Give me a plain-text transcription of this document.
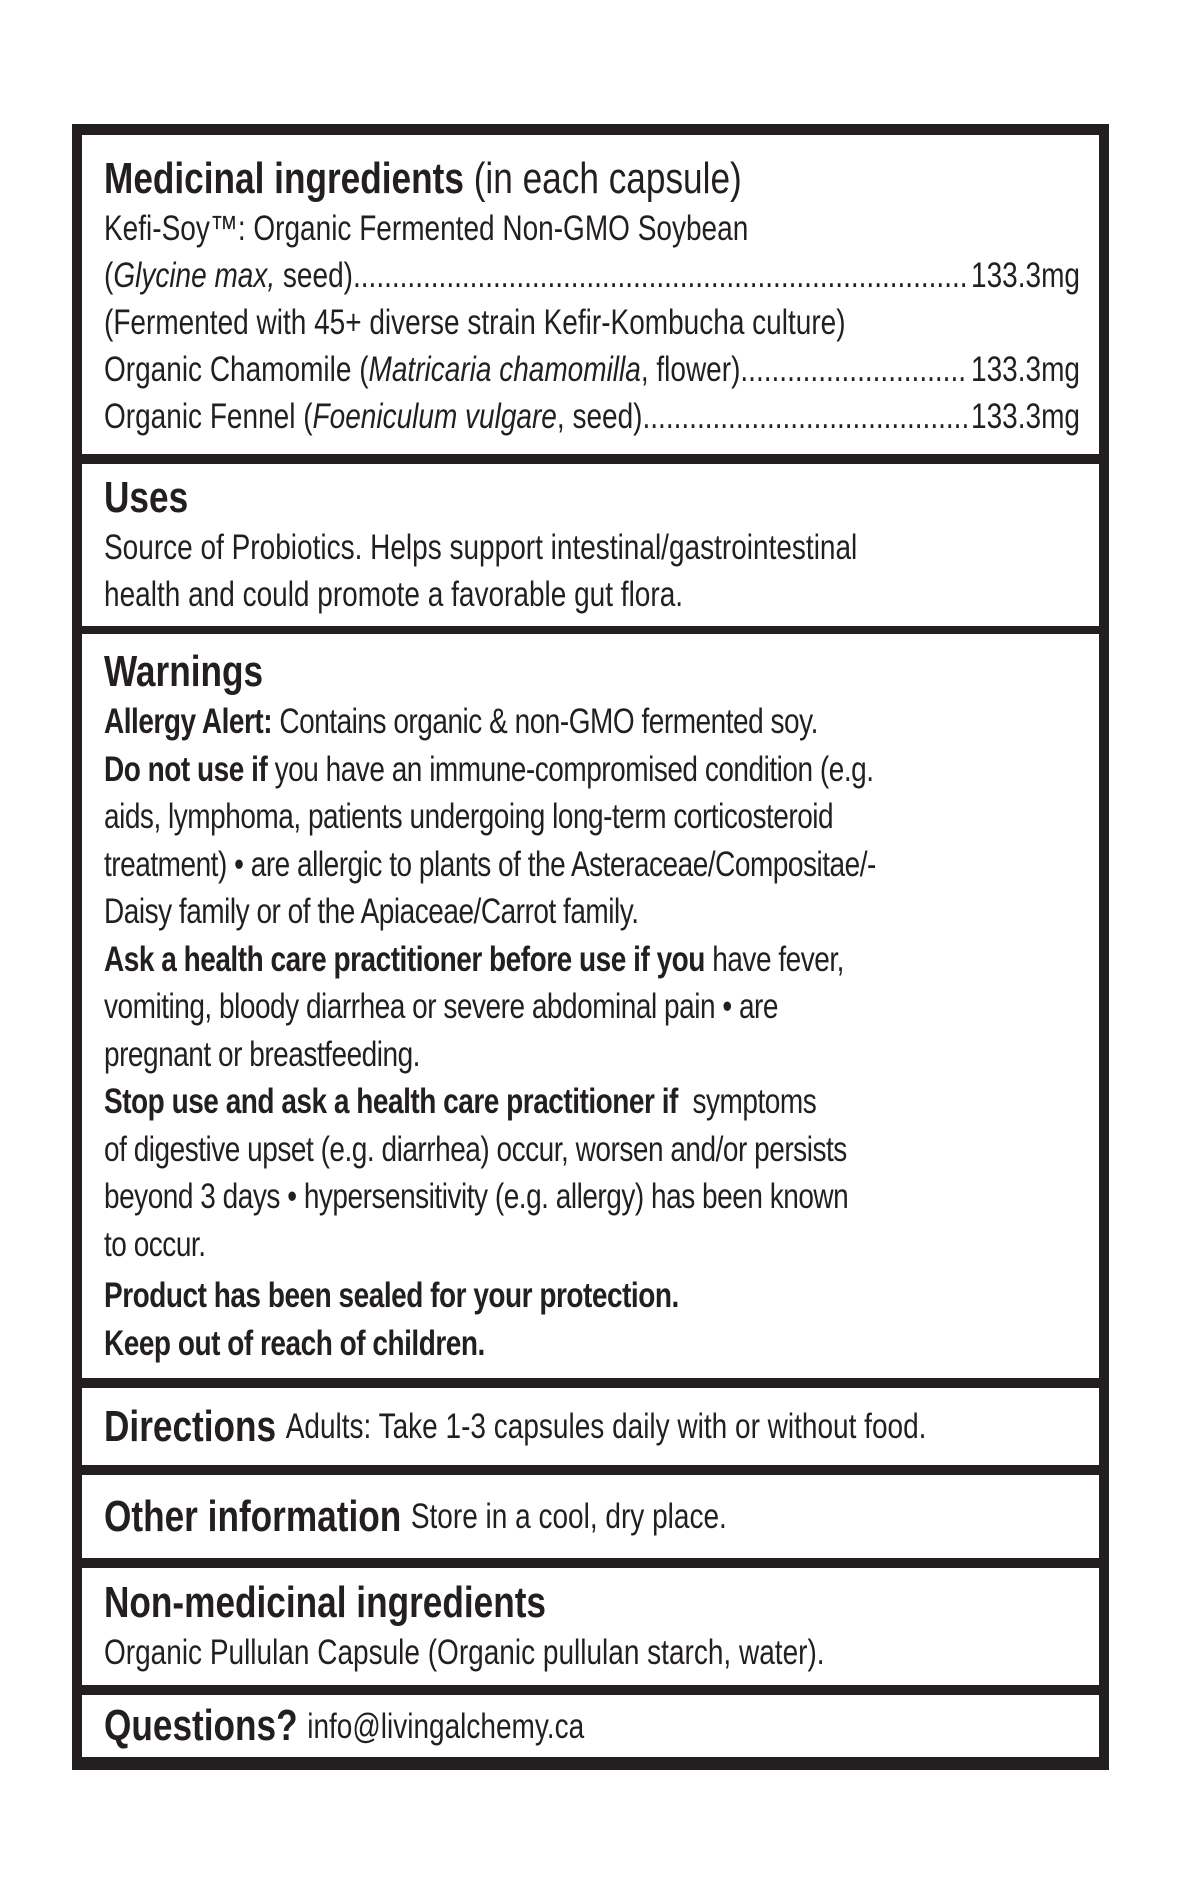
Medicinal ingredients (in each capsule)
Kefi-Soy™: Organic Fermented Non-GMO Soybean
( Glycine max, seed) .....	133.3mg
(Fermented with 45+ diverse strain Kefir-Kombucha culture)
Organic Chamomile ( Matricaria chamomilla , flower) .....	133.3mg
Organic Fennel ( Foeniculum vulgare , seed) .....	133.3mg
Uses
Source of Probiotics. Helps support intestinal/gastrointestinal
health and could promote a favorable gut flora.
Warnings
Allergy Alert: Contains organic & non-GMO fermented soy.
Do not use if you have an immune-compromised condition (e.g.
aids, lymphoma, patients undergoing long-term corticosteroid
treatment) • are allergic to plants of the Asteraceae/Compositae/-
Daisy family or of the Apiaceae/Carrot family.
Ask a health care practitioner before use if you have fever,
vomiting, bloody diarrhea or severe abdominal pain • are
pregnant or breastfeeding.
Stop use and ask a health care practitioner if  symptoms
of digestive upset (e.g. diarrhea) occur, worsen and/or persists
beyond 3 days • hypersensitivity (e.g. allergy) has been known
to occur.
Product has been sealed for your protection.
Keep out of reach of children.
Directions Adults: Take 1-3 capsules daily with or without food.
Other information Store in a cool, dry place.
Non-medicinal ingredients
Organic Pullulan Capsule (Organic pullulan starch, water).
Questions? info@livingalchemy.ca
